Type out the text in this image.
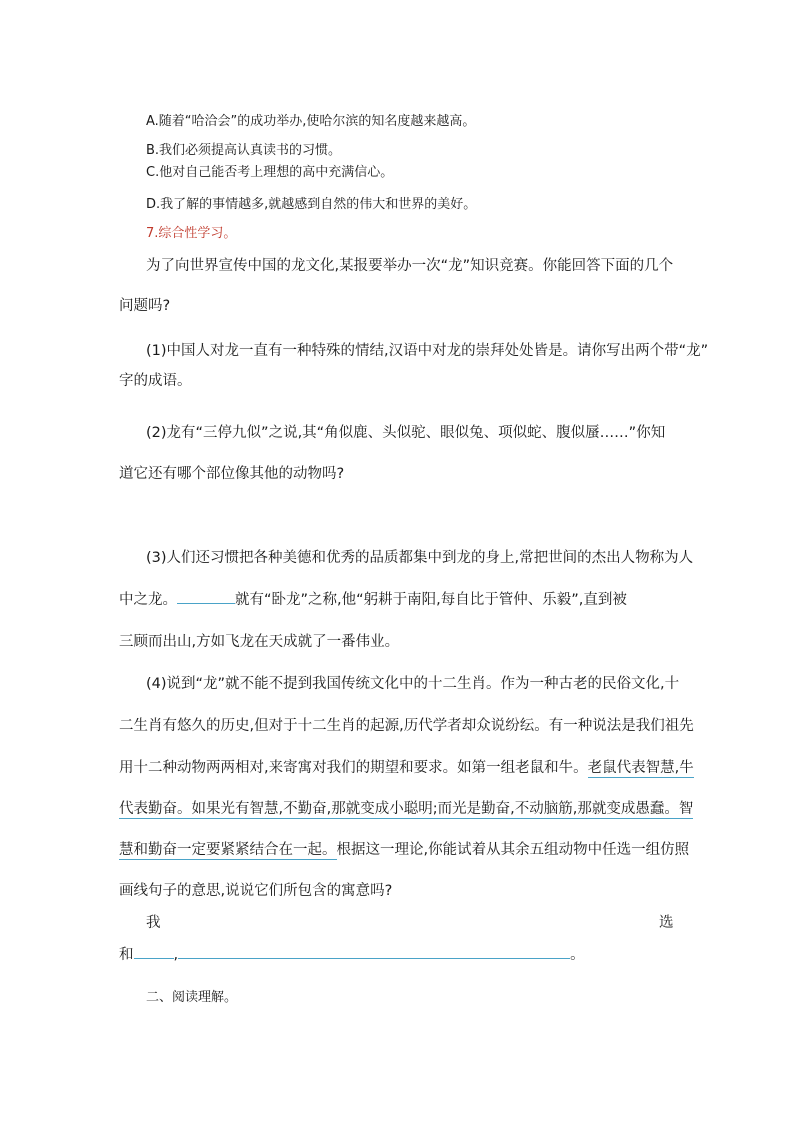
A.随着“哈洽会”的成功举办,使哈尔滨的知名度越来越高。
B.我们必须提高认真读书的习惯。
C.他对自己能否考上理想的高中充满信心。
D.我了解的事情越多,就越感到自然的伟大和世界的美好。
7.综合性学习。
为了向世界宣传中国的龙文化,某报要举办一次“龙”知识竞赛。你能回答下面的几个
问题吗?
(1)中国人对龙一直有一种特殊的情结,汉语中对龙的崇拜处处皆是。请你写出两个带“龙”
字的成语。
(2)龙有“三停九似”之说,其“角似鹿、头似驼、眼似兔、项似蛇、腹似蜃……”你知
道它还有哪个部位像其他的动物吗?
(3)人们还习惯把各种美德和优秀的品质都集中到龙的身上,常把世间的杰出人物称为人
中之龙。	就有“卧龙”之称,他“躬耕于南阳,每自比于管仲、乐毅”,直到被
三顾而出山,方如飞龙在天成就了一番伟业。
(4)说到“龙”就不能不提到我国传统文化中的十二生肖。作为一种古老的民俗文化,十
二生肖有悠久的历史,但对于十二生肖的起源,历代学者却众说纷纭。有一种说法是我们祖先
用十二种动物两两相对,来寄寓对我们的期望和要求。如第一组老鼠和牛。老鼠代表智慧,牛
代表勤奋。如果光有智慧,不勤奋,那就变成小聪明;而光是勤奋,不动脑筋,那就变成愚蠢。智
慧和勤奋一定要紧紧结合在一起。根据这一理论,你能试着从其余五组动物中任选一组仿照
画线句子的意思,说说它们所包含的寓意吗?
我	选
和	,	。
二、阅读理解。
